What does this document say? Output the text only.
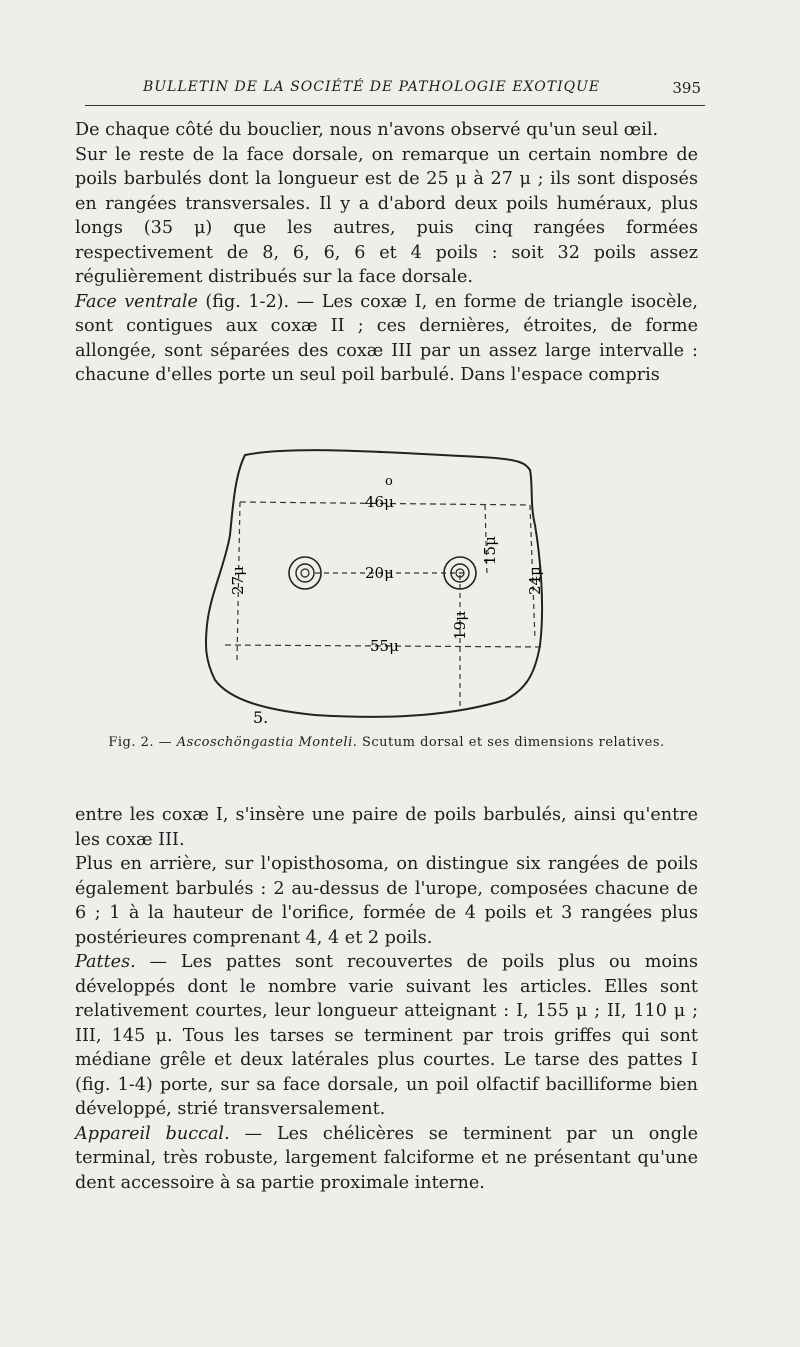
BULLETIN DE LA SOCIÉTÉ DE PATHOLOGIE EXOTIQUE	395

De chaque côté du bouclier, nous n'avons observé qu'un seul œil.

Sur le reste de la face dorsale, on remarque un certain nombre de poils barbulés dont la longueur est de 25 μ à 27 μ ; ils sont disposés en rangées transversales. Il y a d'abord deux poils huméraux, plus longs (35 μ) que les autres, puis cinq rangées formées respectivement de 8, 6, 6, 6 et 4 poils : soit 32 poils assez régulièrement distribués sur la face dorsale.

Face ventrale (fig. 1-2). — Les coxæ I, en forme de triangle isocèle, sont contigues aux coxæ II ; ces dernières, étroites, de forme allongée, sont séparées des coxæ III par un assez large intervalle : chacune d'elles porte un seul poil barbulé. Dans l'espace compris

46μ
20μ
55μ
o
5.
27μ
15μ
24μ
19μ
Fig. 2. — Ascoschöngastia Monteli. Scutum dorsal et ses dimensions relatives.

entre les coxæ I, s'insère une paire de poils barbulés, ainsi qu'entre les coxæ III.

Plus en arrière, sur l'opisthosoma, on distingue six rangées de poils également barbulés : 2 au-dessus de l'urope, composées chacune de 6 ; 1 à la hauteur de l'orifice, formée de 4 poils et 3 rangées plus postérieures comprenant 4, 4 et 2 poils.

Pattes. — Les pattes sont recouvertes de poils plus ou moins développés dont le nombre varie suivant les articles. Elles sont relativement courtes, leur longueur atteignant : I, 155 μ ; II, 110 μ ; III, 145 μ. Tous les tarses se terminent par trois griffes qui sont médiane grêle et deux latérales plus courtes. Le tarse des pattes I (fig. 1-4) porte, sur sa face dorsale, un poil olfactif bacilliforme bien développé, strié transversalement.

Appareil buccal. — Les chélicères se terminent par un ongle terminal, très robuste, largement falciforme et ne présentant qu'une dent accessoire à sa partie proximale interne.
